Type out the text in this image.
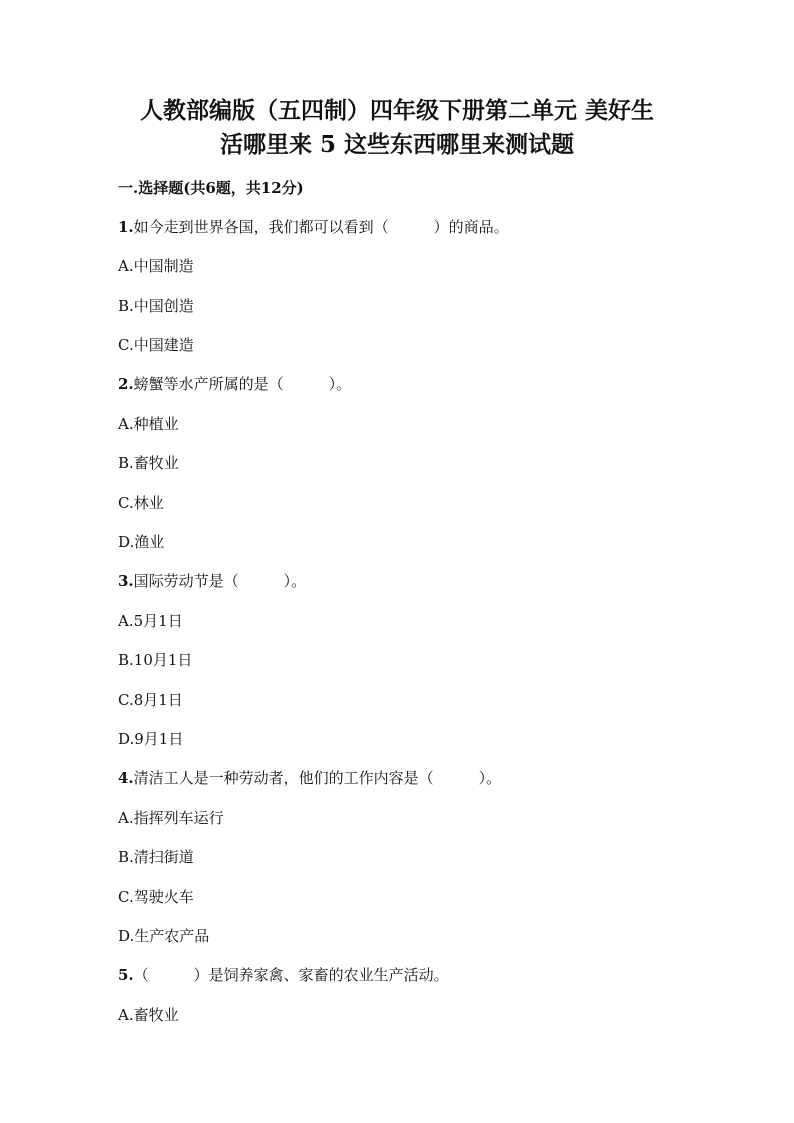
人教部编版（五四制）四年级下册第二单元 美好生
活哪里来 5 这些东西哪里来测试题
一.选择题(共6题，共12分)
1.如今走到世界各国，我们都可以看到（　　　）的商品。
A.中国制造
B.中国创造
C.中国建造
2.螃蟹等水产所属的是（　　　）。
A.种植业
B.畜牧业
C.林业
D.渔业
3.国际劳动节是（　　　）。
A.5月1日
B.10月1日
C.8月1日
D.9月1日
4.清洁工人是一种劳动者，他们的工作内容是（　　　）。
A.指挥列车运行
B.清扫街道
C.驾驶火车
D.生产农产品
5.（　　　）是饲养家禽、家畜的农业生产活动。
A.畜牧业
